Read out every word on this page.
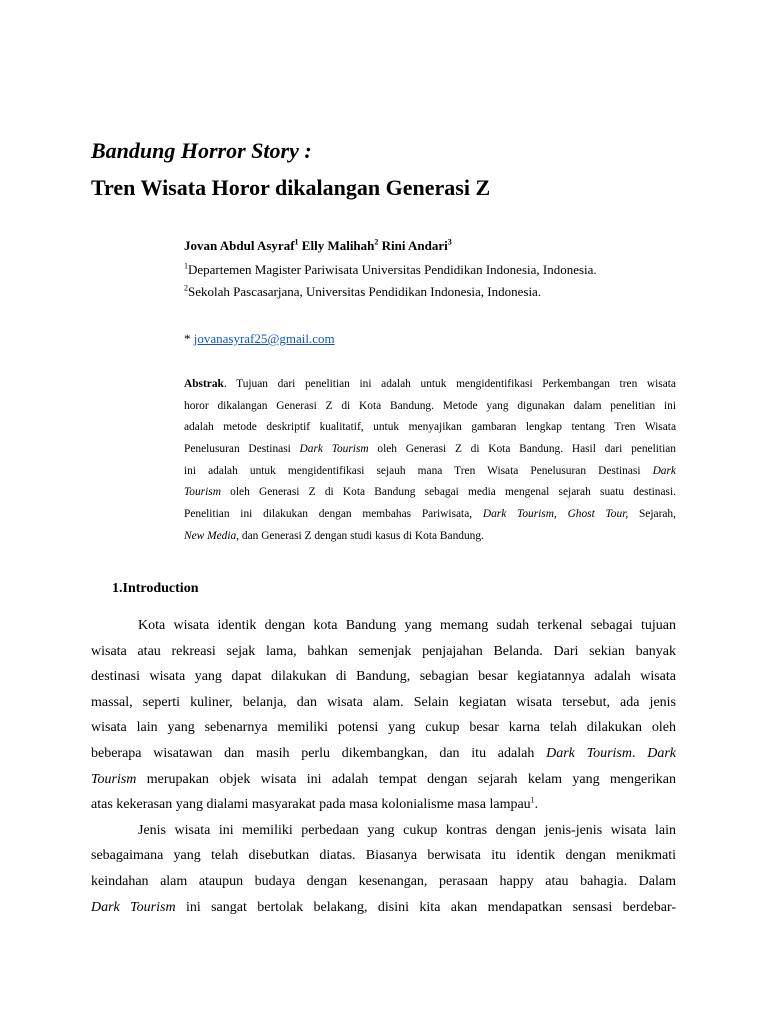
Bandung Horror Story :
Tren Wisata Horor dikalangan Generasi Z
Jovan Abdul Asyraf$^1$ Elly Malihah$^2$ Rini Andari$^3$
$^1$Departemen Magister Pariwisata Universitas Pendidikan Indonesia, Indonesia.
$^2$Sekolah Pascasarjana, Universitas Pendidikan Indonesia, Indonesia.
* jovanasyraf25@gmail.com
Abstrak. Tujuan dari penelitian ini adalah untuk mengidentifikasi Perkembangan tren wisata
horor dikalangan Generasi Z di Kota Bandung. Metode yang digunakan dalam penelitian ini
adalah metode deskriptif kualitatif, untuk menyajikan gambaran lengkap tentang Tren Wisata
Penelusuran Destinasi Dark Tourism oleh Generasi Z di Kota Bandung. Hasil dari penelitian
ini adalah untuk mengidentifikasi sejauh mana Tren Wisata Penelusuran Destinasi Dark
Tourism oleh Generasi Z di Kota Bandung sebagai media mengenal sejarah suatu destinasi.
Penelitian ini dilakukan dengan membahas Pariwisata, Dark Tourism, Ghost Tour, Sejarah,
New Media, dan Generasi Z dengan studi kasus di Kota Bandung.
1.Introduction
Kota wisata identik dengan kota Bandung yang memang sudah terkenal sebagai tujuan
wisata atau rekreasi sejak lama, bahkan semenjak penjajahan Belanda. Dari sekian banyak
destinasi wisata yang dapat dilakukan di Bandung, sebagian besar kegiatannya adalah wisata
massal, seperti kuliner, belanja, dan wisata alam. Selain kegiatan wisata tersebut, ada jenis
wisata lain yang sebenarnya memiliki potensi yang cukup besar karna telah dilakukan oleh
beberapa wisatawan dan masih perlu dikembangkan, dan itu adalah Dark Tourism. Dark
Tourism merupakan objek wisata ini adalah tempat dengan sejarah kelam yang mengerikan
atas kekerasan yang dialami masyarakat pada masa kolonialisme masa lampau$^1$.
Jenis wisata ini memiliki perbedaan yang cukup kontras dengan jenis-jenis wisata lain
sebagaimana yang telah disebutkan diatas. Biasanya berwisata itu identik dengan menikmati
keindahan alam ataupun budaya dengan kesenangan, perasaan happy atau bahagia. Dalam
Dark Tourism ini sangat bertolak belakang, disini kita akan mendapatkan sensasi berdebar-
